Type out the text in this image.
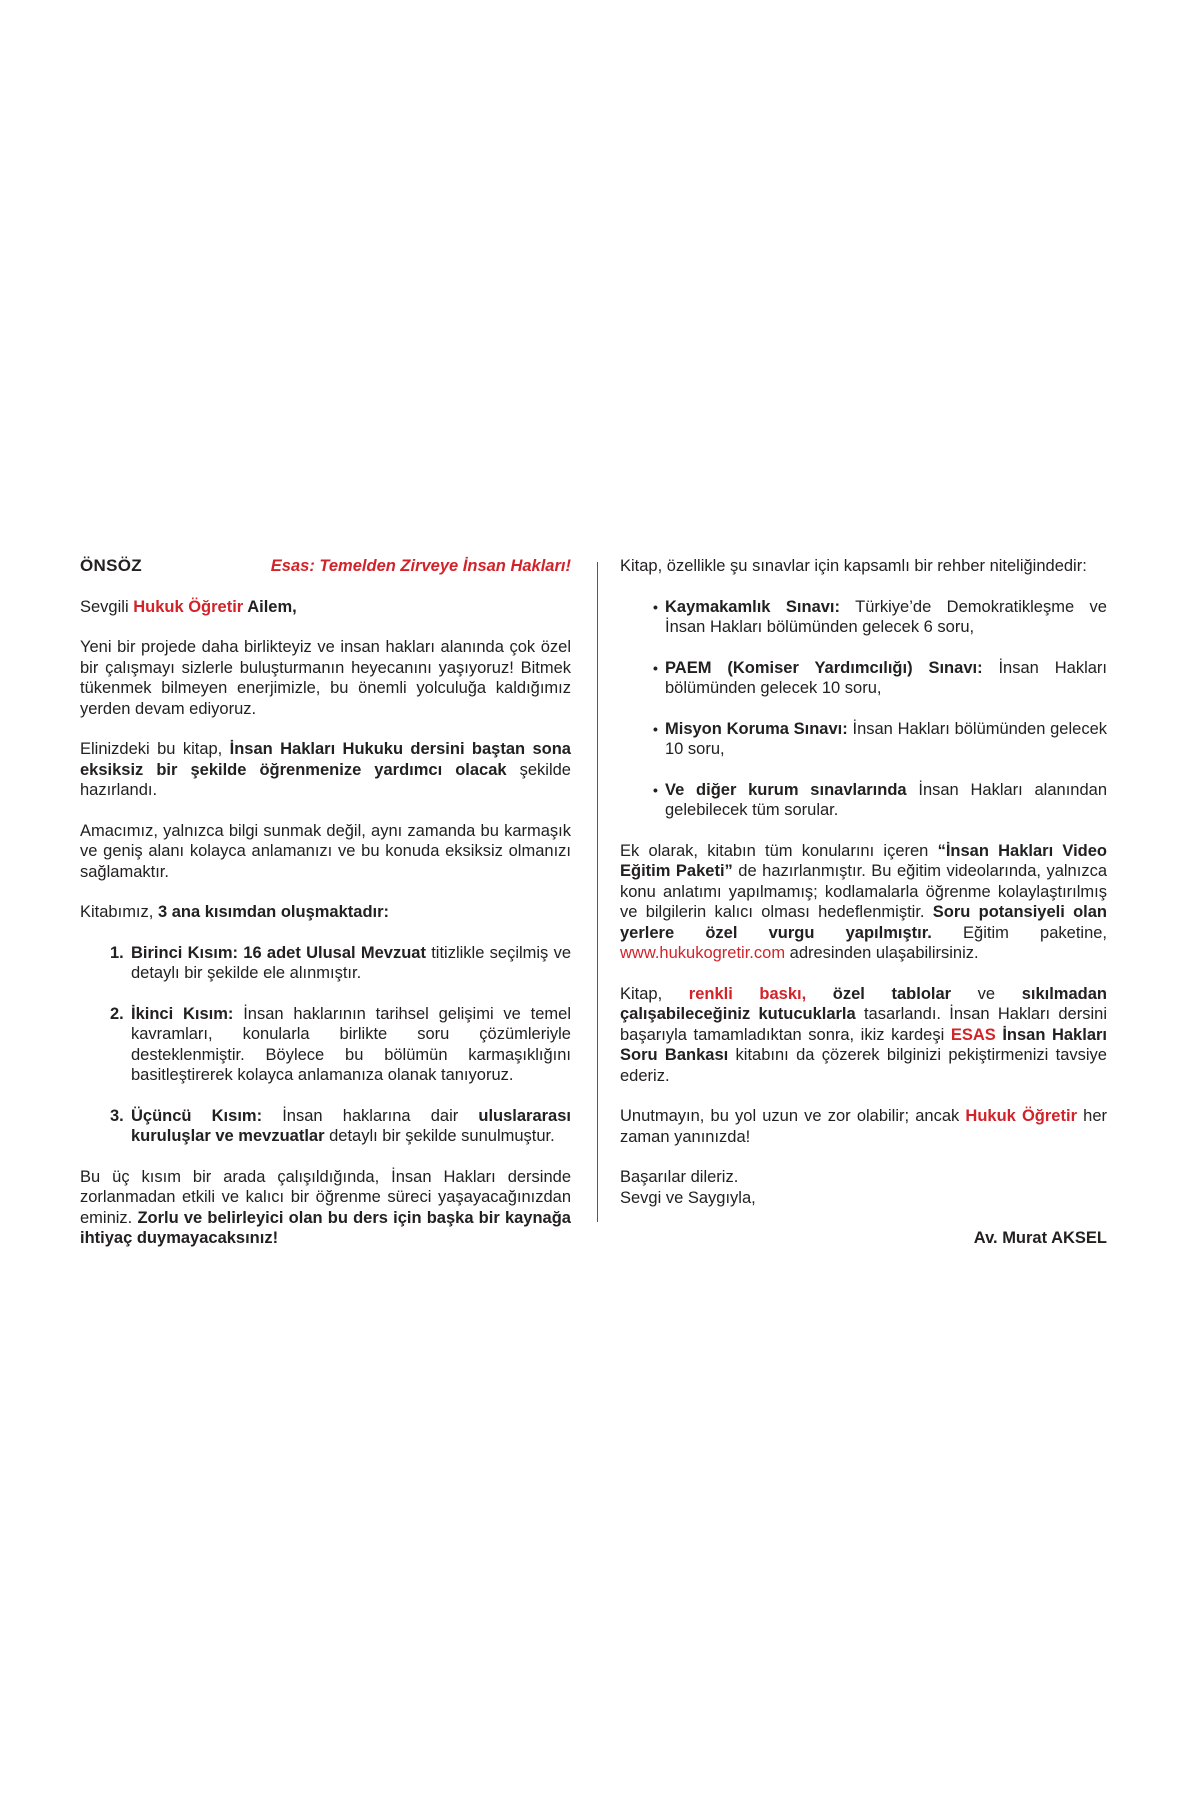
ÖNSÖZ	Esas: Temelden Zirveye İnsan Hakları!

Sevgili Hukuk Öğretir Ailem,

Yeni bir projede daha birlikteyiz ve insan hakları alanında çok özel bir çalışmayı sizlerle buluşturmanın heyecanını yaşıyoruz! Bitmek tükenmek bilmeyen enerjimizle, bu önemli yolculuğa kaldığımız yerden devam ediyoruz.

Elinizdeki bu kitap, İnsan Hakları Hukuku dersini baştan sona eksiksiz bir şekilde öğrenmenize yardımcı olacak şekilde hazırlandı.

Amacımız, yalnızca bilgi sunmak değil, aynı zamanda bu karmaşık ve geniş alanı kolayca anlamanızı ve bu konuda eksiksiz olmanızı sağlamaktır.

Kitabımız, 3 ana kısımdan oluşmaktadır:

1. Birinci Kısım: 16 adet Ulusal Mevzuat titizlikle seçilmiş ve detaylı bir şekilde ele alınmıştır.
2. İkinci Kısım: İnsan haklarının tarihsel gelişimi ve temel kavramları, konularla birlikte soru çözümleriyle desteklenmiştir. Böylece bu bölümün karmaşıklığını basitleştirerek kolayca anlamanıza olanak tanıyoruz.
3. Üçüncü Kısım: İnsan haklarına dair uluslararası kuruluşlar ve mevzuatlar detaylı bir şekilde sunulmuştur.

Bu üç kısım bir arada çalışıldığında, İnsan Hakları dersinde zorlanmadan etkili ve kalıcı bir öğrenme süreci yaşayacağınızdan eminiz. Zorlu ve belirleyici olan bu ders için başka bir kaynağa ihtiyaç duymayacaksınız!

Kitap, özellikle şu sınavlar için kapsamlı bir rehber niteliğindedir:

• Kaymakamlık Sınavı: Türkiye’de Demokratikleşme ve İnsan Hakları bölümünden gelecek 6 soru,
• PAEM (Komiser Yardımcılığı) Sınavı: İnsan Hakları bölümünden gelecek 10 soru,
• Misyon Koruma Sınavı: İnsan Hakları bölümünden gelecek 10 soru,
• Ve diğer kurum sınavlarında İnsan Hakları alanından gelebilecek tüm sorular.

Ek olarak, kitabın tüm konularını içeren “İnsan Hakları Video Eğitim Paketi” de hazırlanmıştır. Bu eğitim videolarında, yalnızca konu anlatımı yapılmamış; kodlamalarla öğrenme kolaylaştırılmış ve bilgilerin kalıcı olması hedeflenmiştir. Soru potansiyeli olan yerlere özel vurgu yapılmıştır. Eğitim paketine, www.hukukogretir.com adresinden ulaşabilirsiniz.

Kitap, renkli baskı, özel tablolar ve sıkılmadan çalışabileceğiniz kutucuklarla tasarlandı. İnsan Hakları dersini başarıyla tamamladıktan sonra, ikiz kardeşi ESAS İnsan Hakları Soru Bankası kitabını da çözerek bilginizi pekiştirmenizi tavsiye ederiz.

Unutmayın, bu yol uzun ve zor olabilir; ancak Hukuk Öğretir her zaman yanınızda!

Başarılar dileriz.
Sevgi ve Saygıyla,
Av. Murat AKSEL
